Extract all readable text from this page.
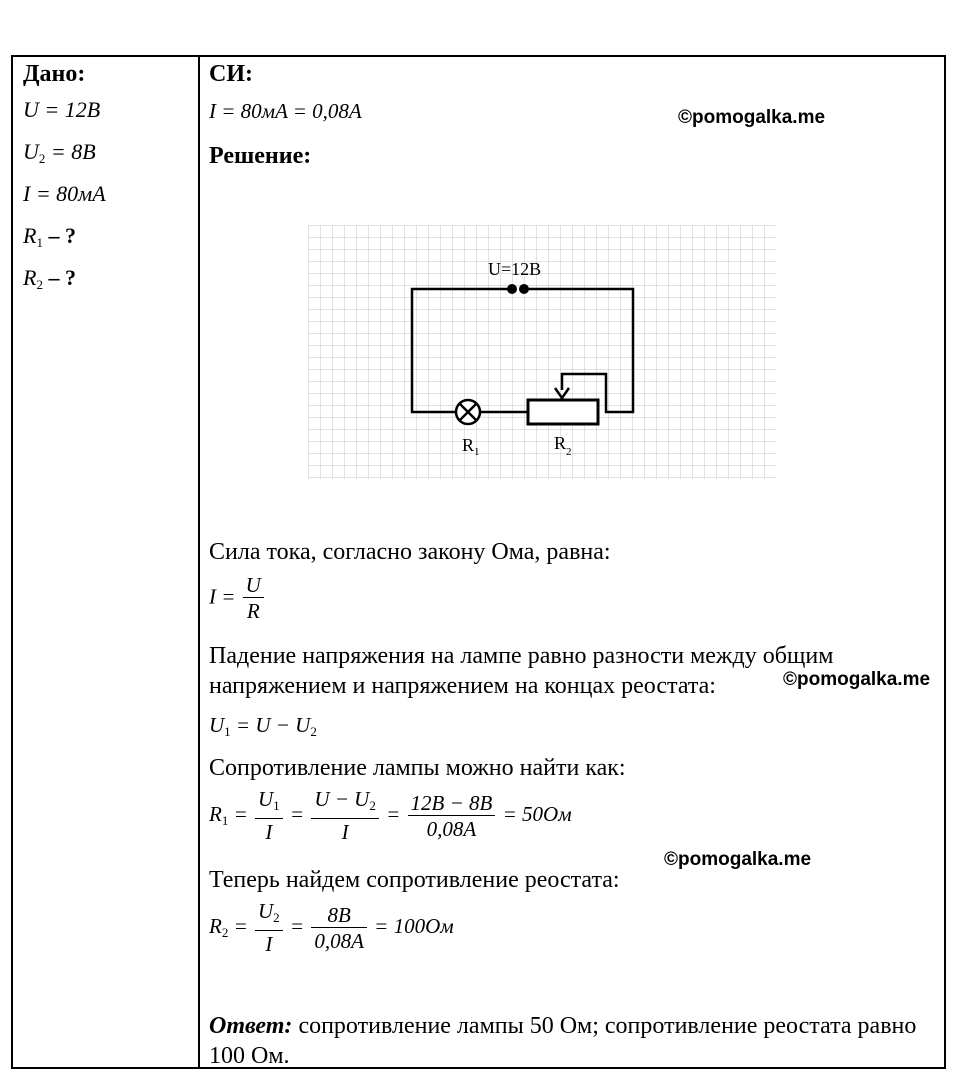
Дано:
U = 12B
$U_2 = 8B$
I = 80мA
$R_1$ – ?
$R_2$ – ?
СИ:
I = 80мA = 0,08A	©pomogalka.me
Решение:
U=12B
$R_1$	$R_2$
Сила тока, согласно закону Ома, равна:
$I = \frac{U}{R}$
Падение напряжения на лампе равно разности между общим напряжением и напряжением на концах реостата:	©pomogalka.me
$U_1 = U - U_2$
Сопротивление лампы можно найти как:
$R_1 = \frac{U_1}{I} = \frac{U - U_2}{I} = \frac{12B - 8B}{0,08A} = 50Ом$
©pomogalka.me
Теперь найдем сопротивление реостата:
$R_2 = \frac{U_2}{I} = \frac{8B}{0,08A} = 100Ом$
Ответ: сопротивление лампы 50 Ом; сопротивление реостата равно 100 Ом.
